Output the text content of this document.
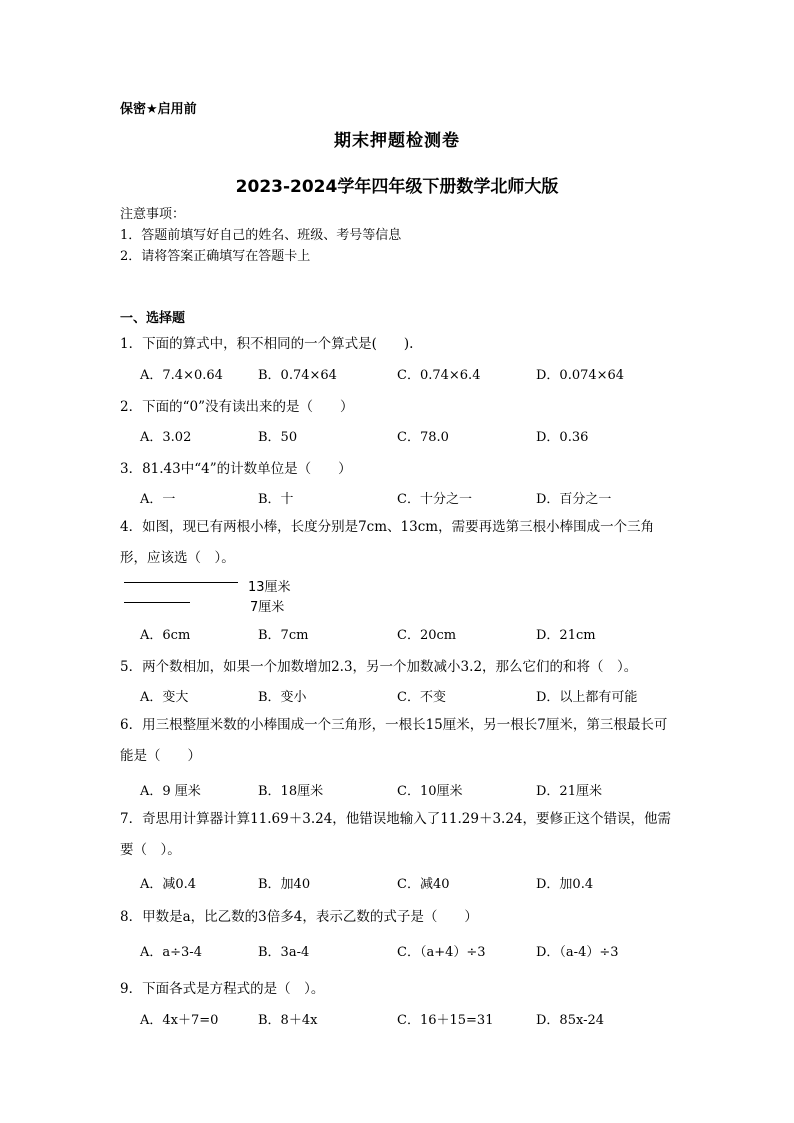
保密★启用前
期末押题检测卷
2023-2024学年四年级下册数学北师大版
注意事项：
1．答题前填写好自己的姓名、班级、考号等信息
2．请将答案正确填写在答题卡上
一、选择题
1．下面的算式中，积不相同的一个算式是(　　).
A．7.4×0.64	B．0.74×64	C．0.74×6.4	D．0.074×64
2．下面的“0”没有读出来的是（　　）
A．3.02	B．50	C．78.0	D．0.36
3．81.43中“4”的计数单位是（　　）
A．一	B．十	C．十分之一	D．百分之一
4．如图，现已有两根小棒，长度分别是7cm、13cm，需要再选第三根小棒围成一个三角形，应该选（　）。
13厘米
7厘米
A．6cm	B．7cm	C．20cm	D．21cm
5．两个数相加，如果一个加数增加2.3，另一个加数减小3.2，那么它们的和将（　）。
A．变大	B．变小	C．不变	D．以上都有可能
6．用三根整厘米数的小棒围成一个三角形，一根长15厘米，另一根长7厘米，第三根最长可能是（　　）
A．9 厘米	B．18厘米	C．10厘米	D．21厘米
7．奇思用计算器计算11.69＋3.24，他错误地输入了11.29＋3.24，要修正这个错误，他需要（　）。
A．减0.4	B．加40	C．减40	D．加0.4
8．甲数是a，比乙数的3倍多4，表示乙数的式子是（　　）
A．a÷3-4	B．3a-4	C．（a+4）÷3	D．（a-4）÷3
9．下面各式是方程式的是（　）。
A．4x＋7=0	B．8＋4x	C．16＋15=31	D．85x-24
